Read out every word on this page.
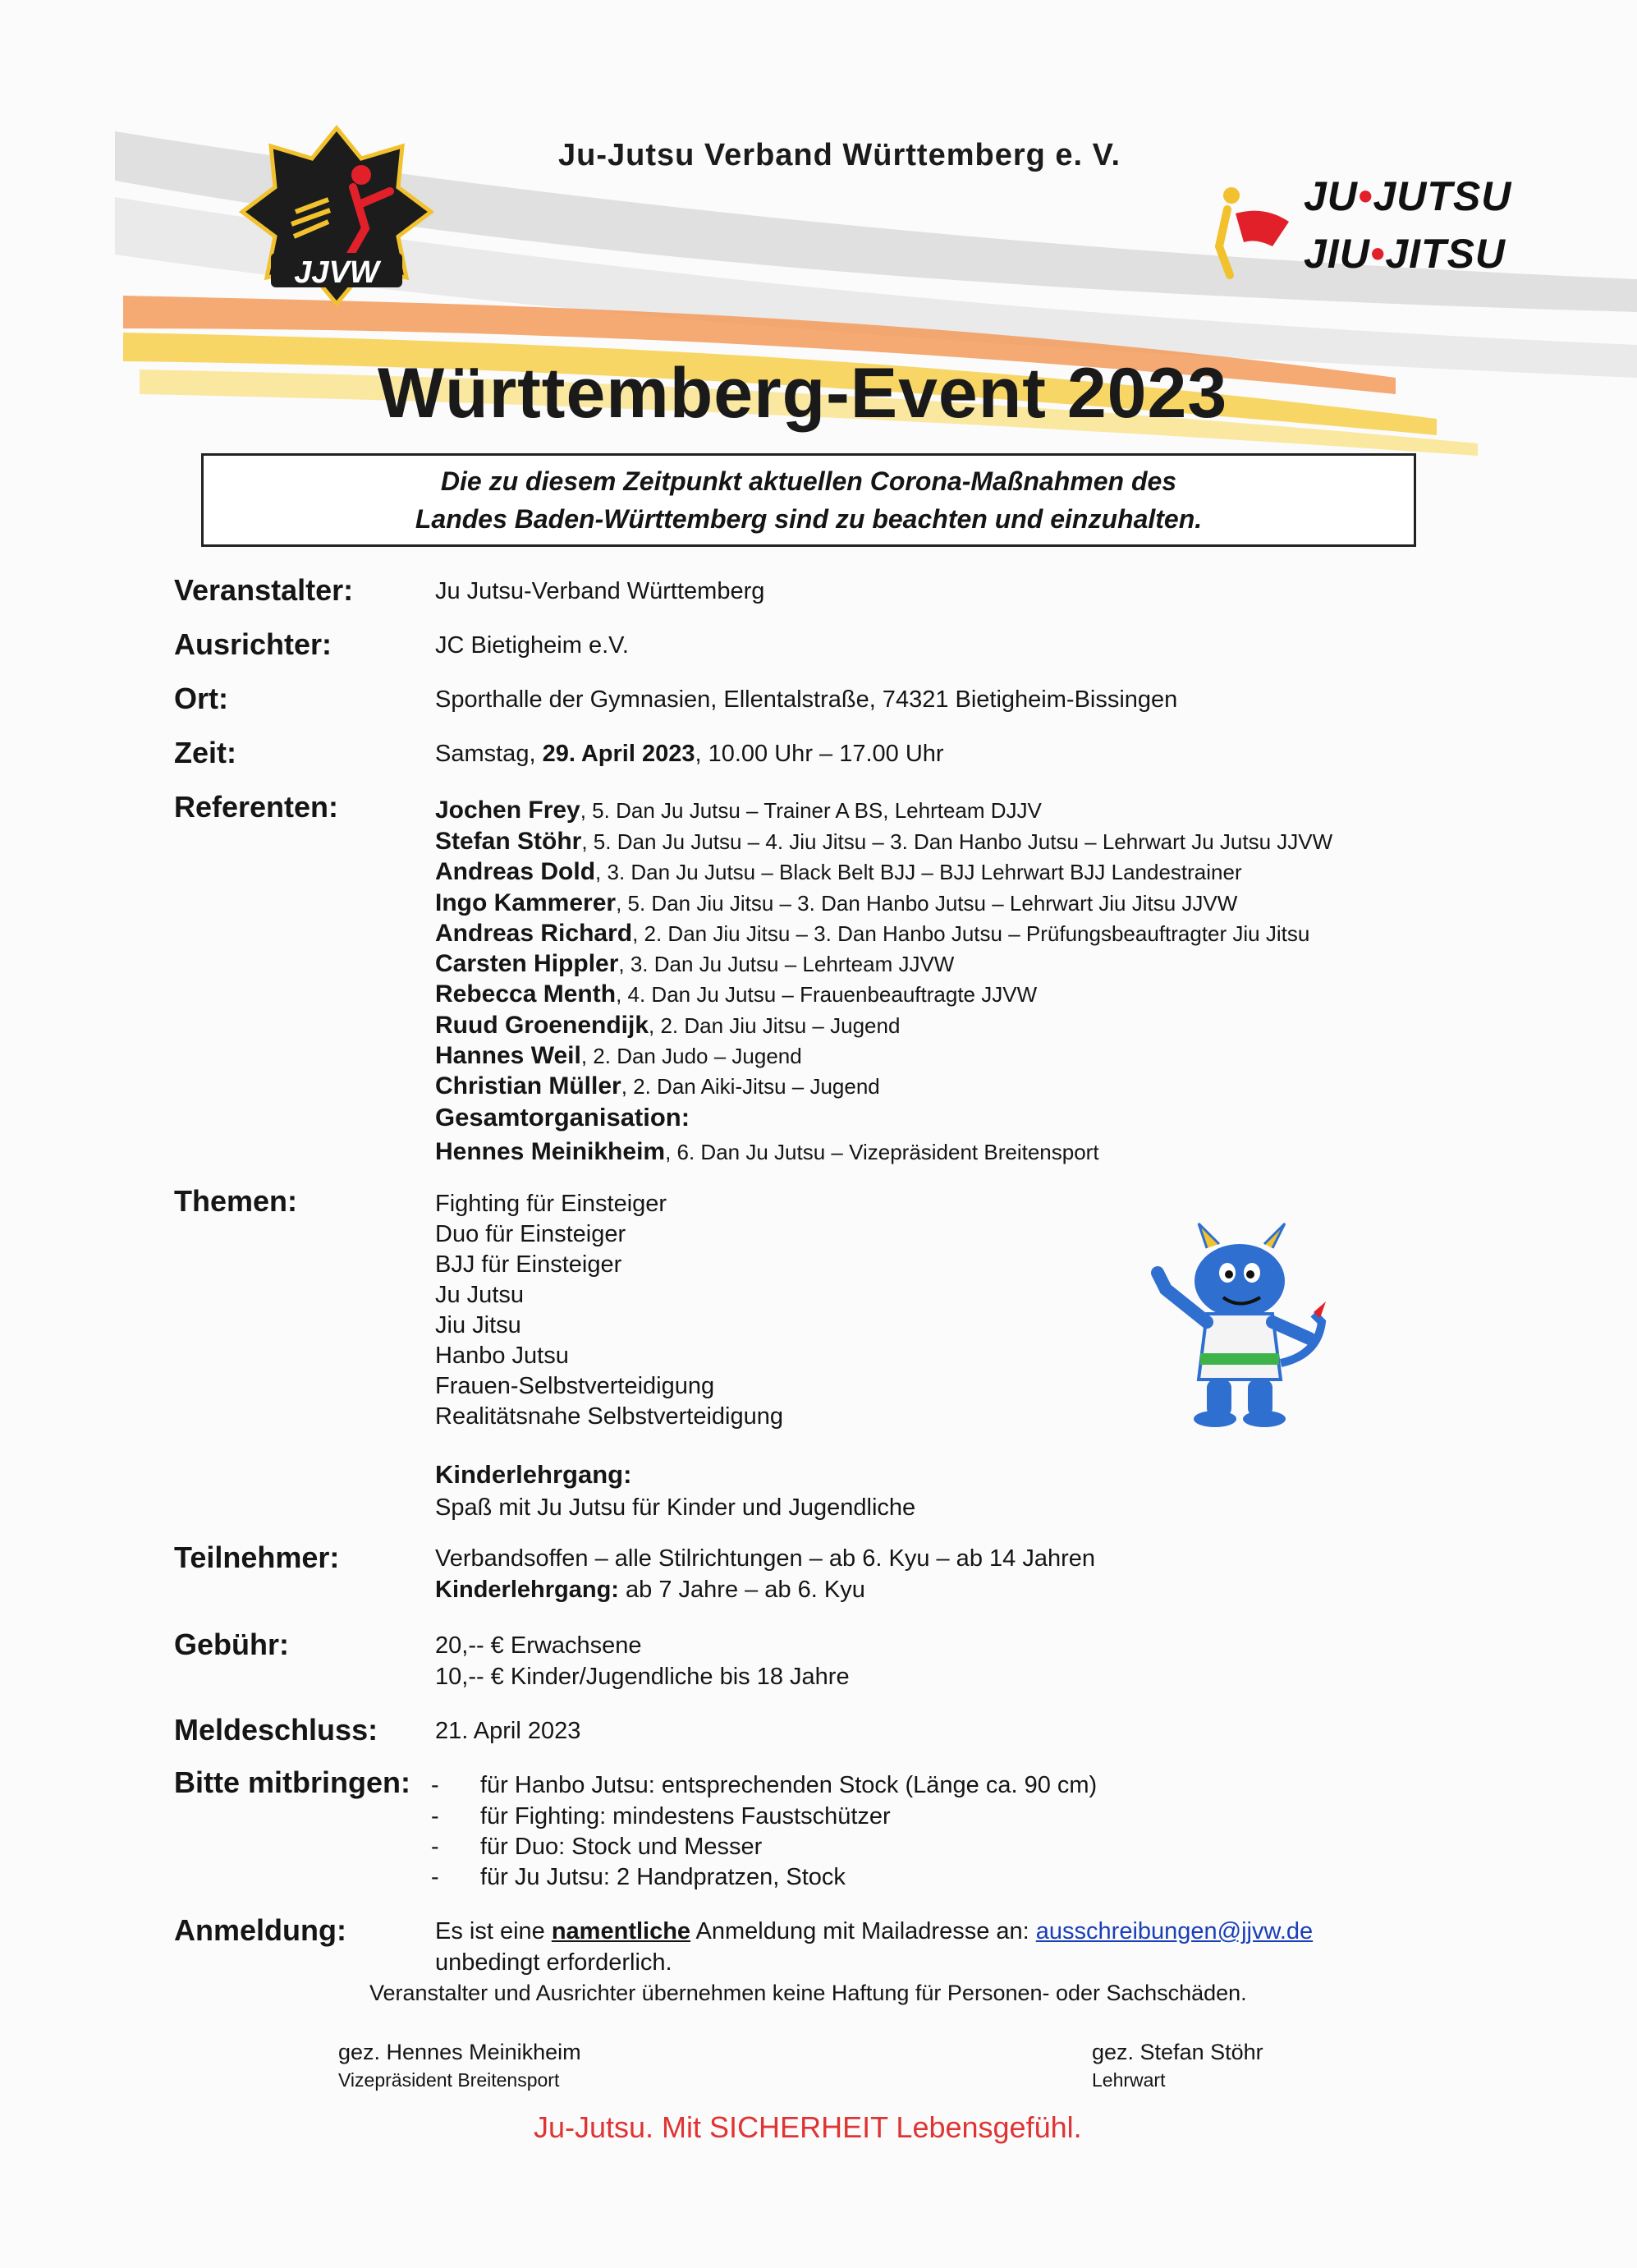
JJVW
Ju-Jutsu Verband Württemberg e. V.
JU•JUTSU
JIU•JITSU
Württemberg-Event 2023
Die zu diesem Zeitpunkt aktuellen Corona-Maßnahmen des
Landes Baden-Württemberg sind zu beachten und einzuhalten.
Veranstalter:	Ju Jutsu-Verband Württemberg
Ausrichter:	JC Bietigheim e.V.
Ort:	Sporthalle der Gymnasien, Ellentalstraße, 74321 Bietigheim-Bissingen
Zeit:	Samstag, 29. April 2023, 10.00 Uhr – 17.00 Uhr
Referenten:	Jochen Frey, 5. Dan Ju Jutsu – Trainer A BS, Lehrteam DJJV
Stefan Stöhr, 5. Dan Ju Jutsu – 4. Jiu Jitsu – 3. Dan Hanbo Jutsu – Lehrwart Ju Jutsu JJVW
Andreas Dold, 3. Dan Ju Jutsu – Black Belt BJJ – BJJ Lehrwart BJJ Landestrainer
Ingo Kammerer, 5. Dan Jiu Jitsu – 3. Dan Hanbo Jutsu – Lehrwart Jiu Jitsu JJVW
Andreas Richard, 2. Dan Jiu Jitsu – 3. Dan Hanbo Jutsu – Prüfungsbeauftragter Jiu Jitsu
Carsten Hippler, 3. Dan Ju Jutsu – Lehrteam JJVW
Rebecca Menth, 4. Dan Ju Jutsu – Frauenbeauftragte JJVW
Ruud Groenendijk, 2. Dan Jiu Jitsu – Jugend
Hannes Weil, 2. Dan Judo – Jugend
Christian Müller, 2. Dan Aiki-Jitsu – Jugend
Gesamtorganisation:
Hennes Meinikheim, 6. Dan Ju Jutsu – Vizepräsident Breitensport
Themen:	Fighting für Einsteiger
Duo für Einsteiger
BJJ für Einsteiger
Ju Jutsu
Jiu Jitsu
Hanbo Jutsu
Frauen-Selbstverteidigung
Realitätsnahe Selbstverteidigung
Kinderlehrgang:
Spaß mit Ju Jutsu für Kinder und Jugendliche
Teilnehmer:	Verbandsoffen – alle Stilrichtungen – ab 6. Kyu – ab 14 Jahren
Kinderlehrgang: ab 7 Jahre – ab 6. Kyu
Gebühr:	20,-- € Erwachsene
10,-- € Kinder/Jugendliche bis 18 Jahre
Meldeschluss: 21. April 2023
Bitte mitbringen: - für Hanbo Jutsu: entsprechenden Stock (Länge ca. 90 cm)
- für Fighting: mindestens Faustschützer
- für Duo: Stock und Messer
- für Ju Jutsu: 2 Handpratzen, Stock
Anmeldung:	Es ist eine namentliche Anmeldung mit Mailadresse an: ausschreibungen@jjvw.de
unbedingt erforderlich.
Veranstalter und Ausrichter übernehmen keine Haftung für Personen- oder Sachschäden.
gez. Hennes Meinikheim
Vizepräsident Breitensport
gez. Stefan Stöhr
Lehrwart
Ju-Jutsu. Mit SICHERHEIT Lebensgefühl.
